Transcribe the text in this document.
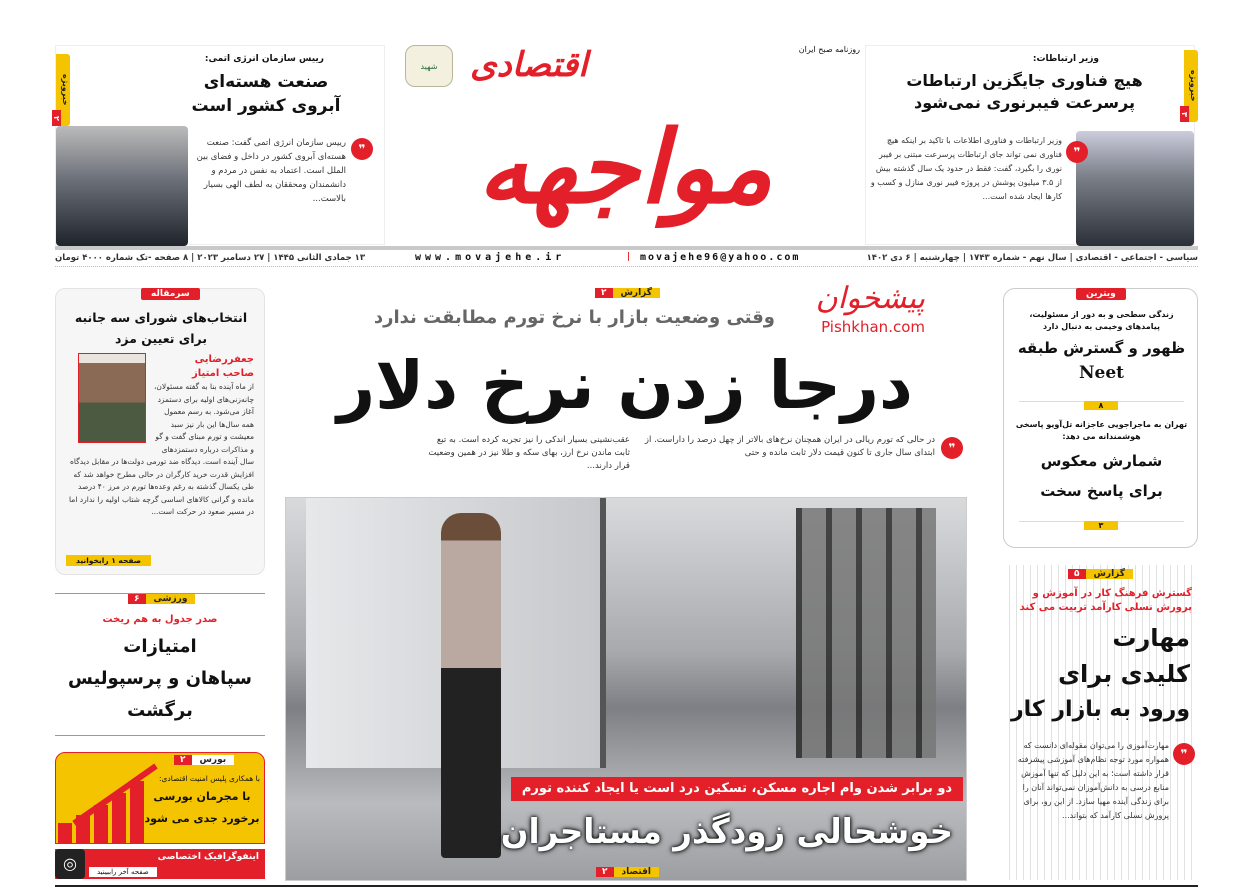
خبرویژه
۳
وزیر ارتباطات:
هیچ فناوری جایگزین ارتباطات پرسرعت فیبرنوری نمی‌شود
❞
وزیر ارتباطات و فناوری اطلاعات با تاکید بر اینکه هیچ فناوری نمی تواند جای ارتباطات پرسرعت مبتنی بر فیبر نوری را بگیرد، گفت: فقط در حدود یک سال گذشته بیش از ۳.۵ میلیون پوشش در پروژه فیبر نوری منازل و کسب و کارها ایجاد شده است...
خبرویژه
۲
رییس سازمان انرژی اتمی:
صنعت هسته‌ای
آبروی کشور است
❞
رییس سازمان انرژی اتمی گفت: صنعت هسته‌ای آبروی کشور در داخل و فضای بین الملل است. اعتماد به نفس در مردم و دانشمندان ومحققان به لطف الهی بسیار بالاست...
شهید
روزنامه صبح ایران
مواجهه
اقتصادی
سیاسی - اجتماعی - اقتصادی | سال نهم - شماره ۱۷۴۳ | چهارشنبه | ۶ دی ۱۴۰۲
www.movajehe.ir	| movajehe96@yahoo.com
۱۳ جمادی الثانی ۱۴۴۵ | ۲۷ دسامبر ۲۰۲۳ | ۸ صفحه -تک شماره ۴۰۰۰ تومان
گزارش
۲
وقتی وضعیت بازار با نرخ تورم مطابقت ندارد
پیشخوان
Pishkhan.com
درجا زدن نرخ دلار
❞
در حالی که تورم ریالی در ایران همچنان نرخ‌های بالاتر از چهل درصد را داراست. از ابتدای سال جاری تا کنون قیمت دلار ثابت مانده و حتی
عقب‌نشینی بسیار اندکی را نیز تجربه کرده است. به تبع ثابت ماندن نرخ ارز، بهای سکه و طلا نیز در همین وضعیت قرار دارند...
دو برابر شدن وام اجاره مسکن، تسکین درد است یا ایجاد کننده تورم
خوشحالی زودگذر مستاجران
اقتصاد
۲
سرمقاله
انتخاب‌های شورای سه جانبه برای تعیین مزد
جعفررضایی
صاحب امتیاز
از ماه آینده بنا به گفته مسئولان، چانه‌زنی‌های اولیه برای دستمزد آغاز می‌شود. به رسم معمول همه سال‌ها این بار نیز سبد معیشت و تورم مبنای گفت و گو و مذاکرات درباره دستمزدهای سال آینده است. دیدگاه ضد تورمی دولت‌ها در مقابل دیدگاه افزایش قدرت خرید کارگران در حالی مطرح خواهد شد که طی یکسال گذشته به رغم وعده‌ها تورم در مرز ۴۰ درصد مانده و گرانی کالاهای اساسی گرچه شتاب اولیه را ندارد اما در مسیر صعود در حرکت است...
صفحه ۱ رابخوانید
ورزشی
۶
صدر جدول به هم ریخت
امتیازات
سپاهان و پرسپولیس
برگشت
بورس
۲
با همکاری پلیس امنیت اقتصادی:
با مجرمان بورسی
برخورد جدی می شود
◎	اینفوگرافیک اختصاصی
صفحه آخر راببینید
ویترین
زندگی سطحی و به دور از مسئولیت، پیامدهای وخیمی به دنبال دارد
ظهور و گسترش طبقه
Neet
۸
تهران به ماجراجویی عاجزانه تل‌آویو پاسخی هوشمندانه می دهد:
شمارش معکوس
برای پاسخ سخت
۳
گزارش
۵
گسترش فرهنگ کار در آموزش و پرورش نسلی کارآمد تربیت می کند
مهارت
کلیدی برای
ورود به بازار کار
❞
مهارت‌آموزی را می‌توان مقوله‌ای دانست که همواره مورد توجه نظام‌های آموزشی پیشرفته قرار داشته است؛ به این دلیل که تنها آموزش منابع درسی به دانش‌آموزان نمی‌تواند آنان را برای زندگی آینده مهیا سازد. از این رو، برای پرورش نسلی کارآمد که بتواند...
